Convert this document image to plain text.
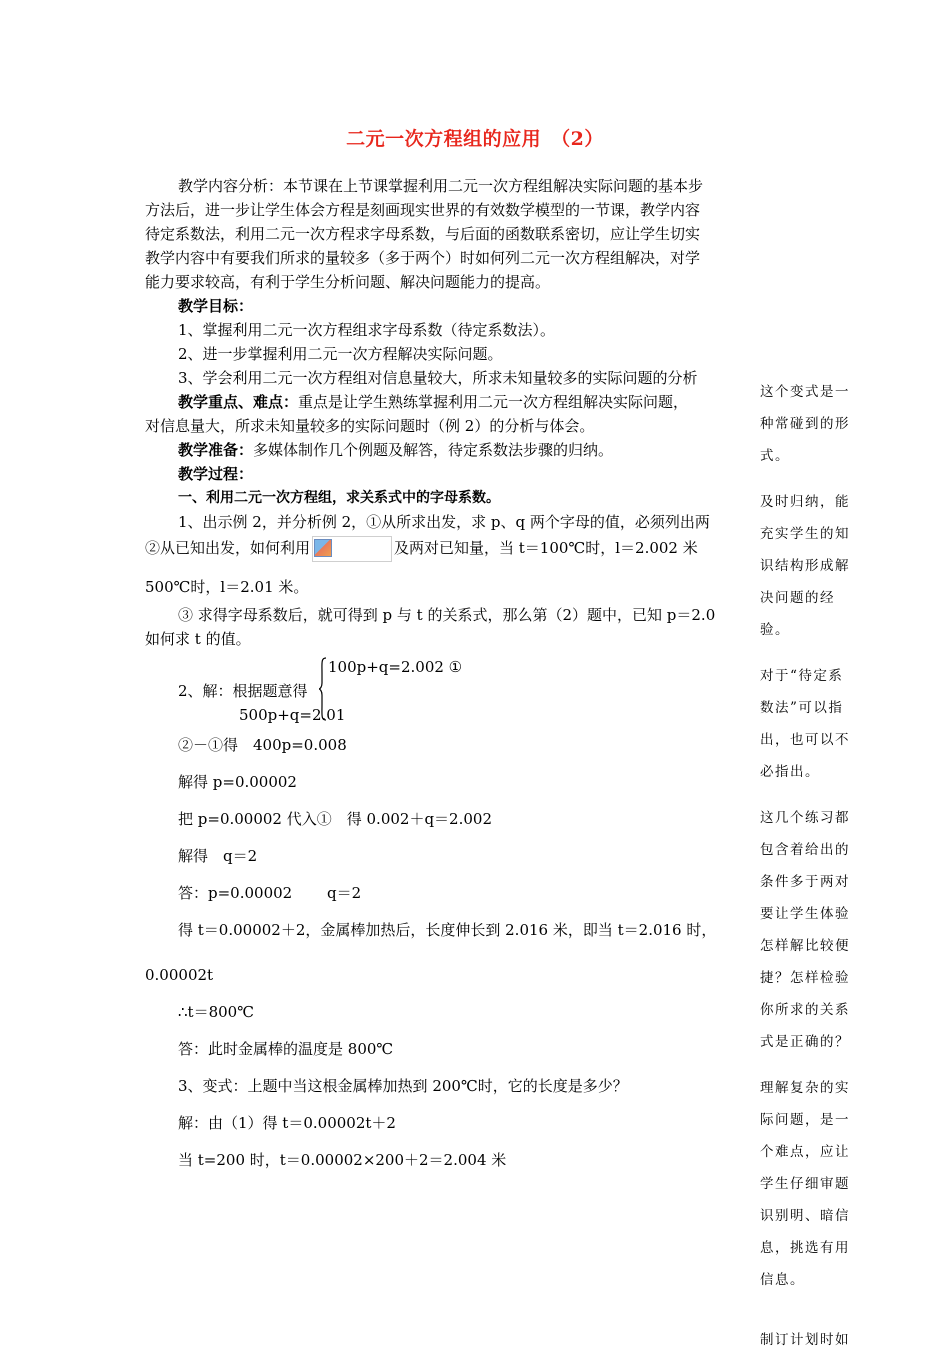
二元一次方程组的应用　（2）

教学内容分析：本节课在上节课掌握利用二元一次方程组解决实际问题的基本步

方法后，进一步让学生体会方程是刻画现实世界的有效数学模型的一节课，教学内容

待定系数法，利用二元一次方程求字母系数，与后面的函数联系密切，应让学生切实

教学内容中有要我们所求的量较多（多于两个）时如何列二元一次方程组解决，对学

能力要求较高，有利于学生分析问题、解决问题能力的提高。

教学目标：

1、掌握利用二元一次方程组求字母系数（待定系数法）。

2、进一步掌握利用二元一次方程解决实际问题。

3、学会利用二元一次方程组对信息量较大，所求未知量较多的实际问题的分析

教学重点、难点：重点是让学生熟练掌握利用二元一次方程组解决实际问题，

对信息量大，所求未知量较多的实际问题时（例 2）的分析与体会。

教学准备：多媒体制作几个例题及解答，待定系数法步骤的归纳。

教学过程：

一、利用二元一次方程组，求关系式中的字母系数。

1、出示例 2，并分析例 2，①从所求出发，求 p、q 两个字母的值，必须列出两

②从已知出发，如何利用	及两对已知量，当 t＝100℃时，l＝2.002 米

500℃时，l＝2.01 米。

③ 求得字母系数后，就可得到 p 与 t 的关系式，那么第（2）题中，已知 p＝2.0

如何求 t 的值。

2、解：根据题意得
100p+q=2.002 ①
500p+q=2.01

②－①得　400p=0.008

解得 p=0.00002

把 p=0.00002 代入①　得 0.002＋q＝2.002

解得　q＝2

答：p=0.00002　　 q＝2

得 t＝0.00002＋2，金属棒加热后，长度伸长到 2.016 米，即当 t＝2.016 时，

0.00002t

∴t＝800℃

答：此时金属棒的温度是 800℃

3、变式：上题中当这根金属棒加热到 200℃时，它的长度是多少？

解：由（1）得 t＝0.00002t＋2

当 t=200 时，t＝0.00002×200＋2＝2.004 米

这个变式是一种常碰到的形式。

及时归纳，能充实学生的知识结构形成解决问题的经验。

对于“待定系数法”可以指出，也可以不必指出。

这几个练习都包含着给出的条件多于两对要让学生体验怎样解比较便捷？怎样检验你所求的关系式是正确的？

理解复杂的实际问题，是一个难点，应让学生仔细审题识别明、暗信息，挑选有用信息。

制订计划时如
